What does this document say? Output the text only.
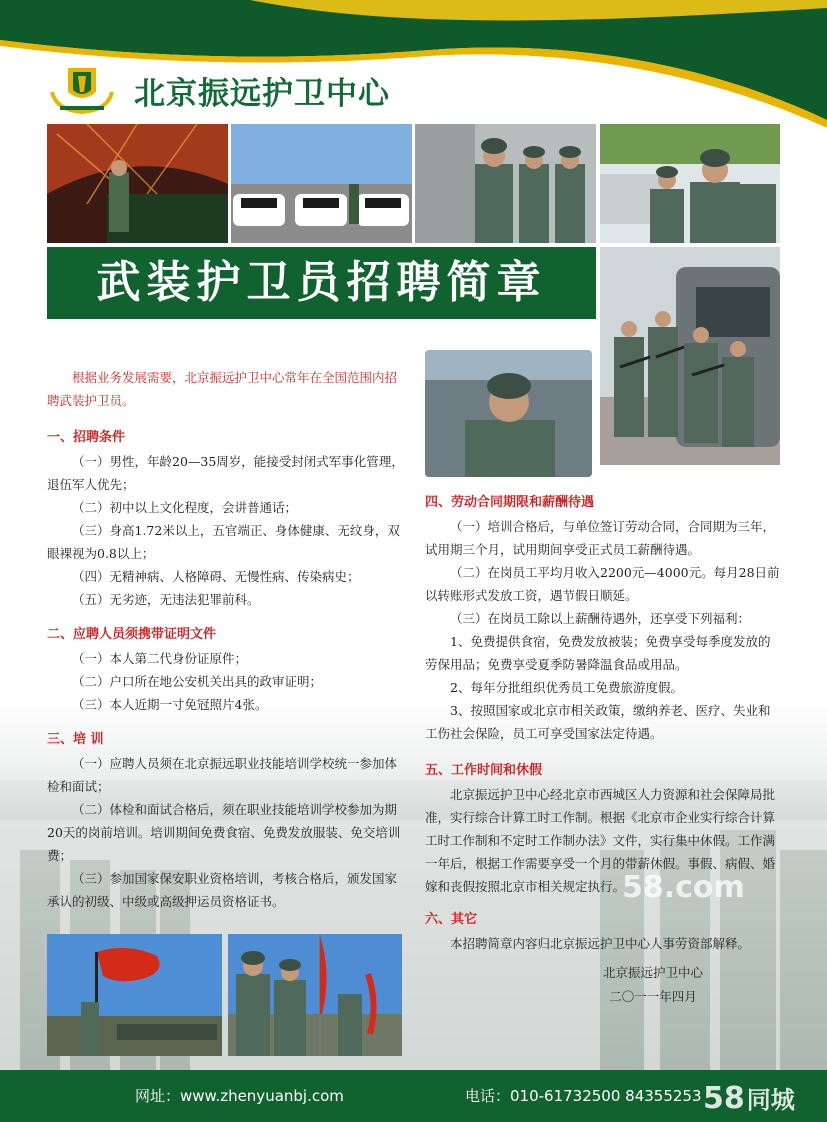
北京振远护卫中心
武装护卫员招聘简章

根据业务发展需要，北京振远护卫中心常年在全国范围内招聘武装护卫员。

一、招聘条件

（一）男性，年龄20—35周岁，能接受封闭式军事化管理，退伍军人优先；

（二）初中以上文化程度，会讲普通话；

（三）身高1.72米以上，五官端正、身体健康、无纹身，双眼裸视为0.8以上；

（四）无精神病、人格障碍、无慢性病、传染病史；

（五）无劣迹，无违法犯罪前科。

二、应聘人员须携带证明文件

（一）本人第二代身份证原件；

（二）户口所在地公安机关出具的政审证明；

（三）本人近期一寸免冠照片4张。

三、培 训

（一）应聘人员须在北京振远职业技能培训学校统一参加体检和面试；

（二）体检和面试合格后，须在职业技能培训学校参加为期20天的岗前培训。培训期间免费食宿、免费发放服装、免交培训费；

（三）参加国家保安职业资格培训，考核合格后，颁发国家承认的初级、中级或高级押运员资格证书。

四、劳动合同期限和薪酬待遇

（一）培训合格后，与单位签订劳动合同，合同期为三年，试用期三个月，试用期间享受正式员工薪酬待遇。

（二）在岗员工平均月收入2200元—4000元。每月28日前以转账形式发放工资，遇节假日顺延。

（三）在岗员工除以上薪酬待遇外，还享受下列福利：

1、免费提供食宿，免费发放被装；免费享受每季度发放的劳保用品；免费享受夏季防暑降温食品或用品。

2、每年分批组织优秀员工免费旅游度假。

3、按照国家或北京市相关政策，缴纳养老、医疗、失业和工伤社会保险，员工可享受国家法定待遇。

五、工作时间和休假

北京振远护卫中心经北京市西城区人力资源和社会保障局批准，实行综合计算工时工作制。根据《北京市企业实行综合计算工时工作制和不定时工作制办法》文件，实行集中休假。工作满一年后，根据工作需要享受一个月的带薪休假。事假、病假、婚嫁和丧假按照北京市相关规定执行。

六、其它

本招聘简章内容归北京振远护卫中心人事劳资部解释。

北京振远护卫中心
二〇一一年四月
58.com
网址：www.zhenyuanbj.com	电话：010-61732500 84355253 58同城
